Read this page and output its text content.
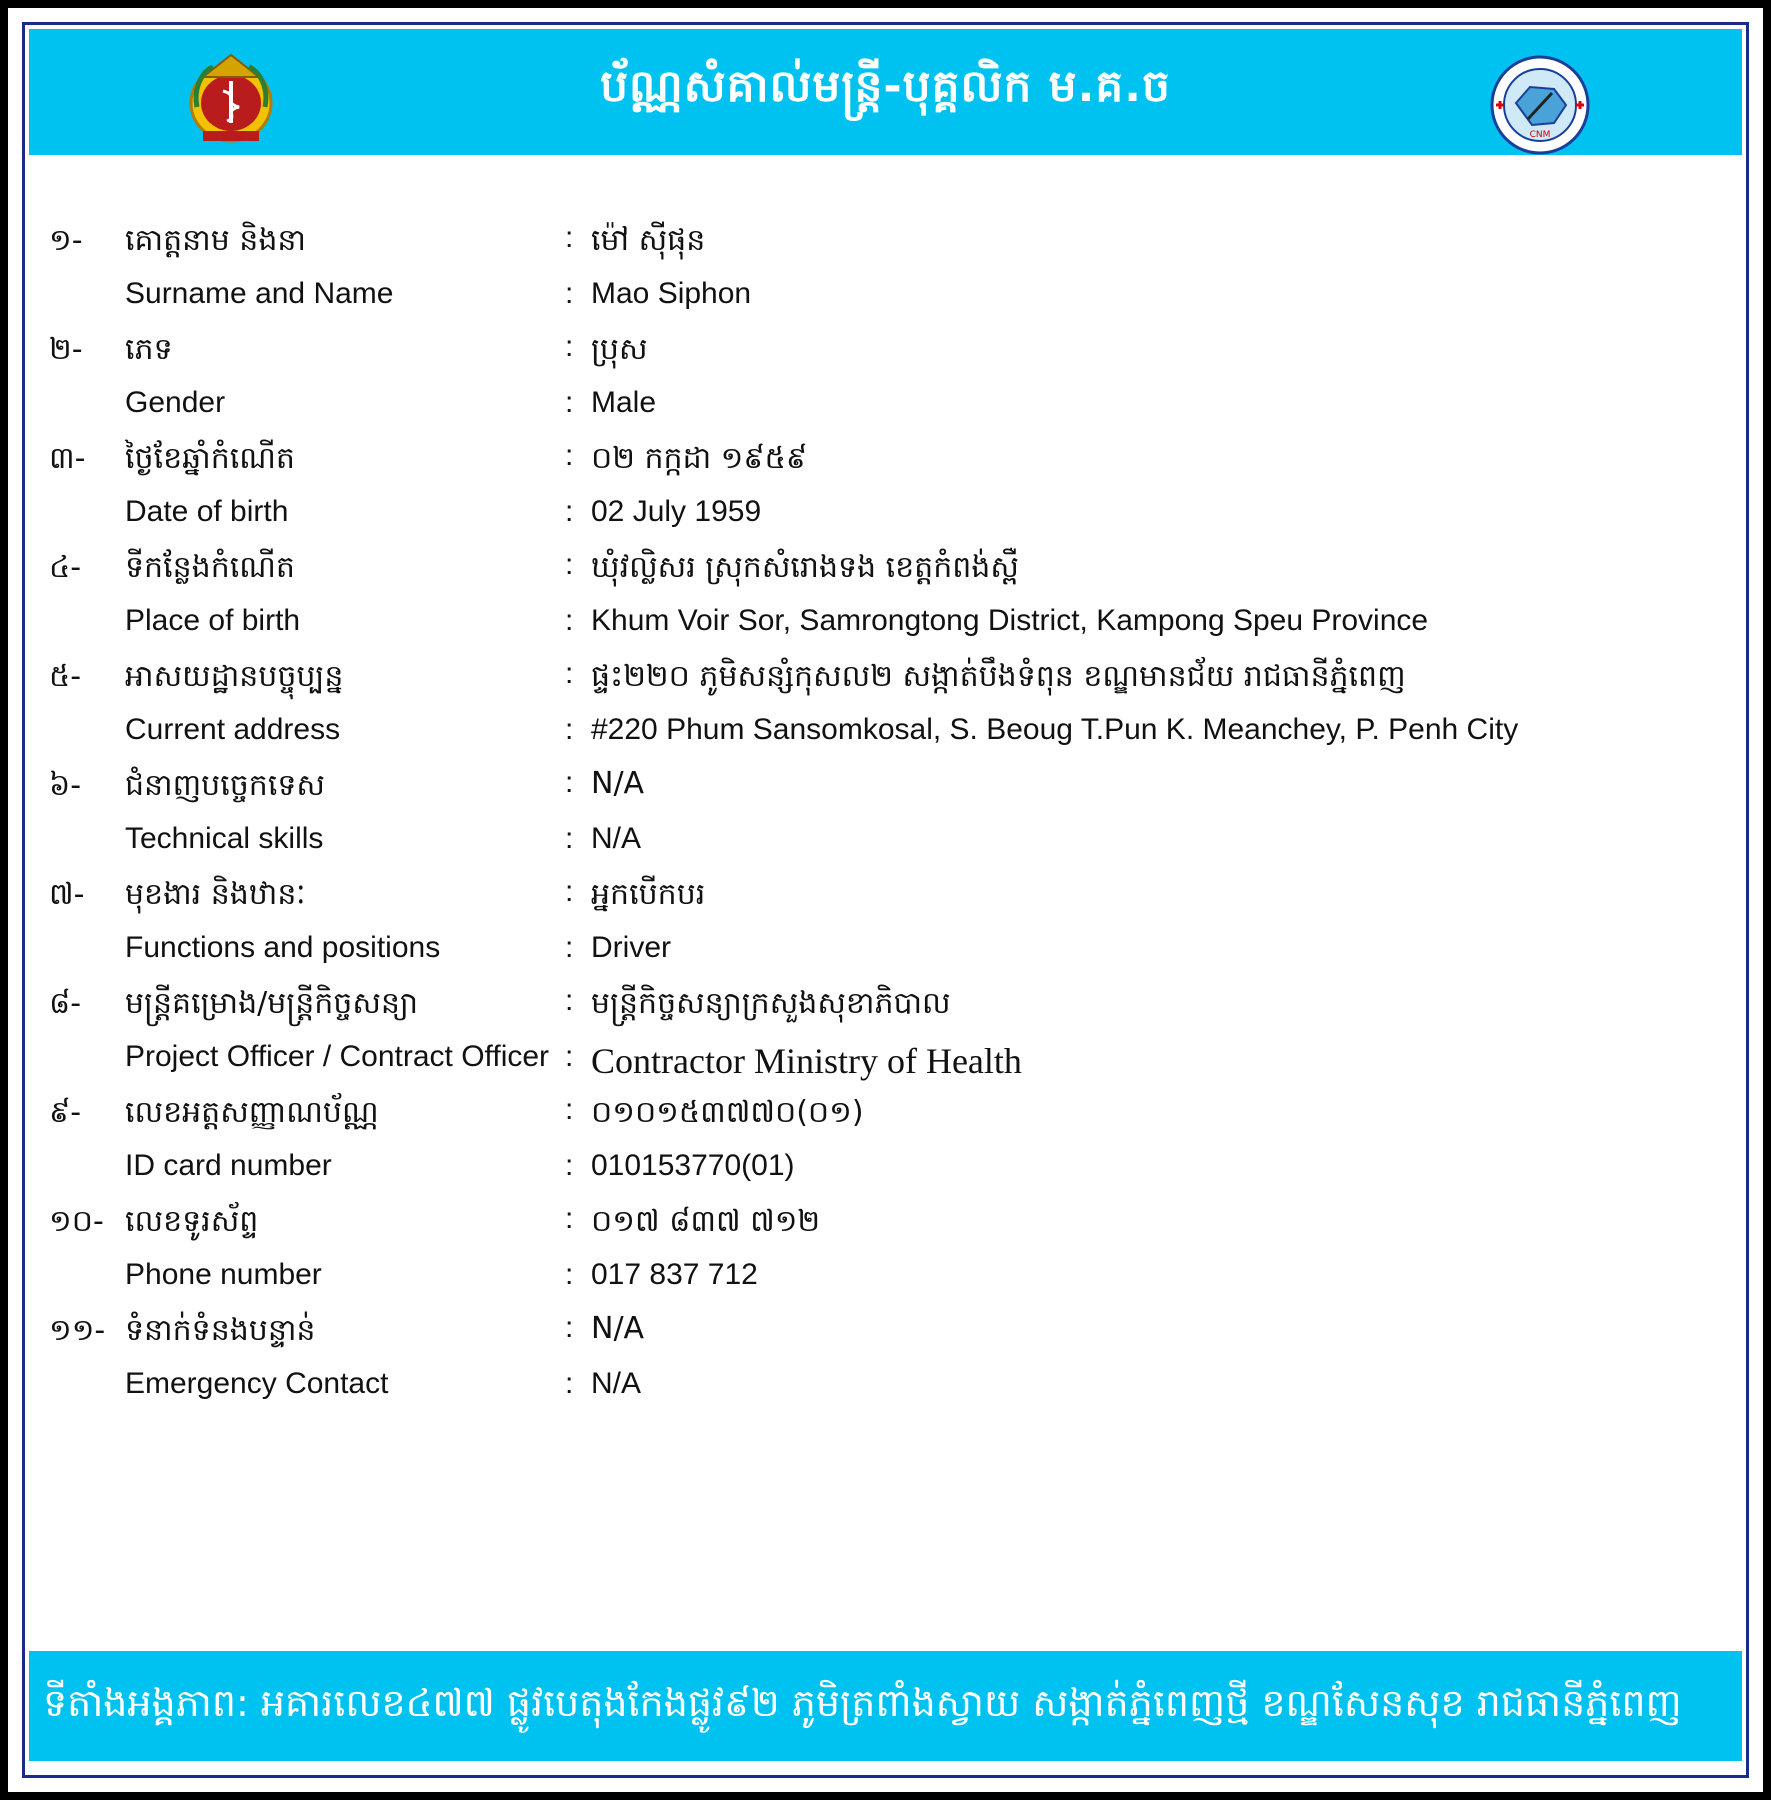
ប័ណ្ណសំគាល់មន្ត្រី-បុគ្គលិក ម.គ.ច
CNM
១-	គោត្តនាម និងនា	: ម៉ៅ ស៊ីផុន
Surname and Name	: Mao Siphon
២-	ភេទ	: ប្រុស
Gender	: Male
៣-	ថ្ងៃខែឆ្នាំកំណើត	: ០២ កក្កដា ១៩៥៩
Date of birth	: 02 July 1959
៤-	ទីកន្លែងកំណើត	: ឃុំវល្លិសរ ស្រុកសំរោងទង ខេត្តកំពង់ស្ពឺ
Place of birth	: Khum Voir Sor, Samrongtong District, Kampong Speu Province
៥-	អាសយដ្ឋានបច្ចុប្បន្ន	: ផ្ទះ២២០ ភូមិសន្សំកុសល២ សង្កាត់បឹងទំពុន ខណ្ឌមានជ័យ រាជធានីភ្នំពេញ
Current address	: #220 Phum Sansomkosal, S. Beoug T.Pun K. Meanchey, P. Penh City
៦-	ជំនាញបច្ចេកទេស	: N/A
Technical skills	: N/A
៧-	មុខងារ និងឋានៈ	: អ្នកបើកបរ
Functions and positions	: Driver
៨-	មន្ត្រីគម្រោង/មន្ត្រីកិច្ចសន្យា	: មន្ត្រីកិច្ចសន្យាក្រសួងសុខាភិបាល
Project Officer / Contract Officer : Contractor Ministry of Health
៩-	លេខអត្តសញ្ញាណប័ណ្ណ	: ០១០១៥៣៧៧០(០១)
ID card number	: 010153770(01)
១០- លេខទូរស័ព្ទ	: ០១៧ ៨៣៧ ៧១២
Phone number	: 017 837 712
១១- ទំនាក់ទំនងបន្ទាន់	: N/A
Emergency Contact	: N/A
ទីតាំងអង្គភាព: អគារលេខ៤៧៧ ផ្លូវបេតុងកែងផ្លូវ៩២ ភូមិត្រពាំងស្វាយ សង្កាត់ភ្នំពេញថ្មី ខណ្ឌសែនសុខ រាជធានីភ្នំពេញ
